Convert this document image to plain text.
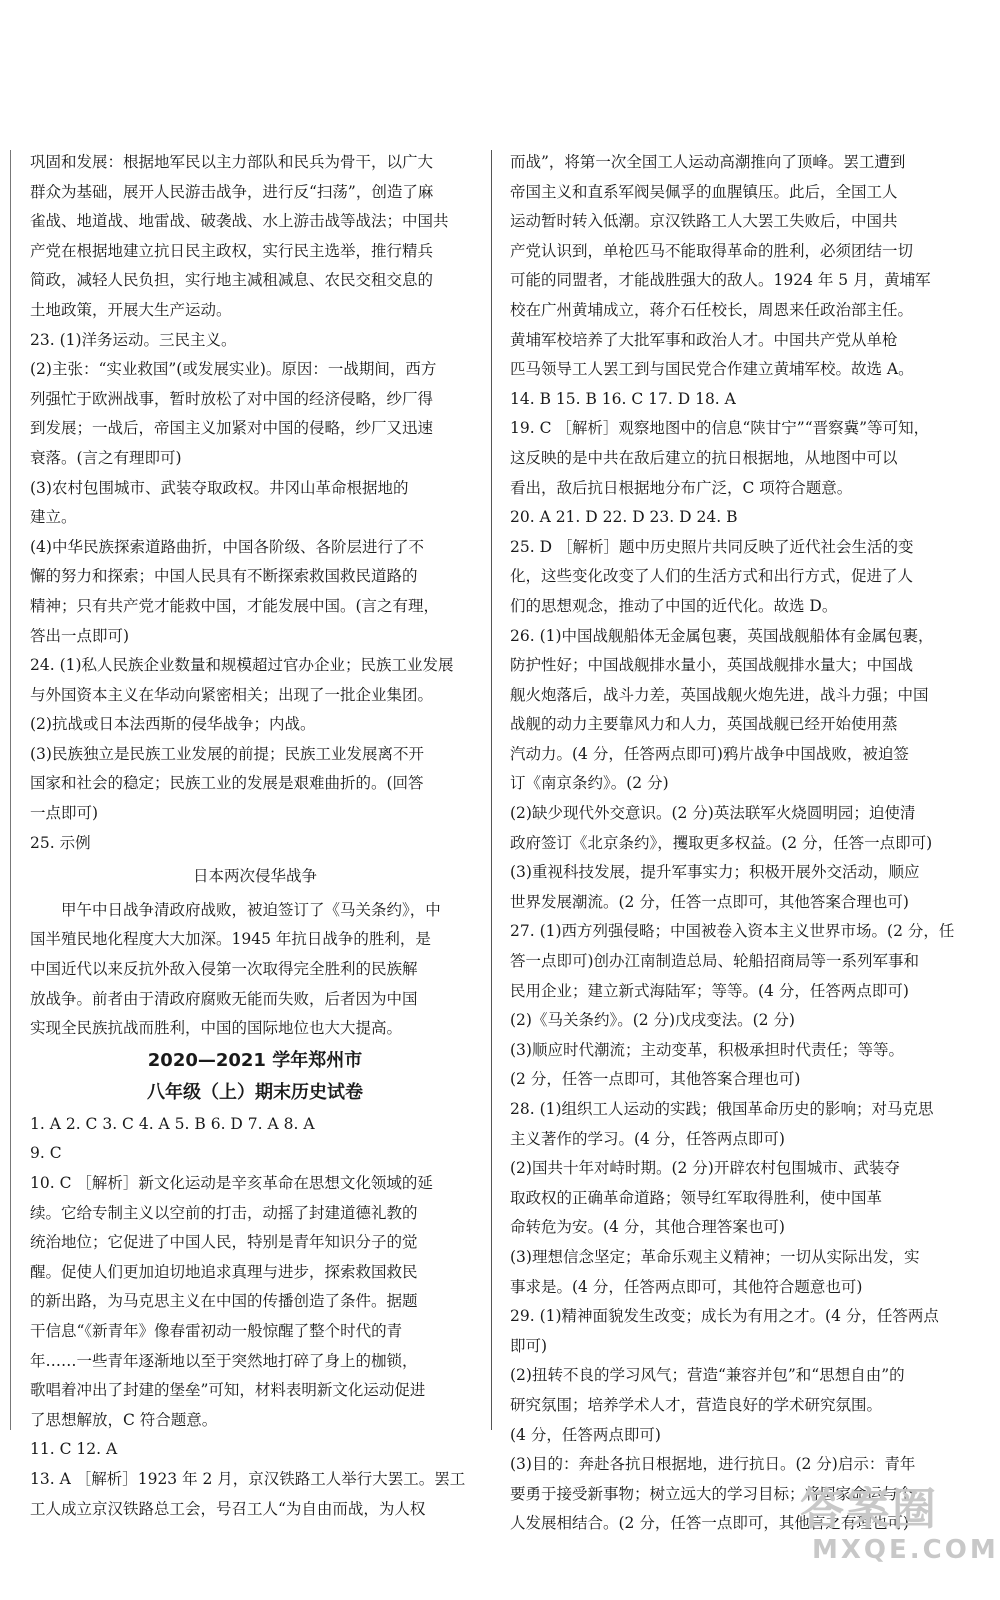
巩固和发展：根据地军民以主力部队和民兵为骨干，以广大

群众为基础，展开人民游击战争，进行反“扫荡”，创造了麻

雀战、地道战、地雷战、破袭战、水上游击战等战法；中国共

产党在根据地建立抗日民主政权，实行民主选举，推行精兵

简政，减轻人民负担，实行地主减租减息、农民交租交息的

土地政策，开展大生产运动。

23. (1)洋务运动。三民主义。

(2)主张：“实业救国”(或发展实业)。原因：一战期间，西方

列强忙于欧洲战事，暂时放松了对中国的经济侵略，纱厂得

到发展；一战后，帝国主义加紧对中国的侵略，纱厂又迅速

衰落。(言之有理即可)

(3)农村包围城市、武装夺取政权。井冈山革命根据地的

建立。

(4)中华民族探索道路曲折，中国各阶级、各阶层进行了不

懈的努力和探索；中国人民具有不断探索救国救民道路的

精神；只有共产党才能救中国，才能发展中国。(言之有理，

答出一点即可)

24. (1)私人民族企业数量和规模超过官办企业；民族工业发展

与外国资本主义在华动向紧密相关；出现了一批企业集团。

(2)抗战或日本法西斯的侵华战争；内战。

(3)民族独立是民族工业发展的前提；民族工业发展离不开

国家和社会的稳定；民族工业的发展是艰难曲折的。(回答

一点即可)

25. 示例

日本两次侵华战争

甲午中日战争清政府战败，被迫签订了《马关条约》，中

国半殖民地化程度大大加深。1945 年抗日战争的胜利，是

中国近代以来反抗外敌入侵第一次取得完全胜利的民族解

放战争。前者由于清政府腐败无能而失败，后者因为中国

实现全民族抗战而胜利，中国的国际地位也大大提高。

2020—2021 学年郑州市

八年级（上）期末历史试卷

1. A 2. C 3. C 4. A 5. B 6. D 7. A 8. A

9. C

10. C ［解析］新文化运动是辛亥革命在思想文化领域的延

续。它给专制主义以空前的打击，动摇了封建道德礼教的

统治地位；它促进了中国人民，特别是青年知识分子的觉

醒。促使人们更加迫切地追求真理与进步，探索救国救民

的新出路，为马克思主义在中国的传播创造了条件。据题

干信息“《新青年》像春雷初动一般惊醒了整个时代的青

年……一些青年逐渐地以至于突然地打碎了身上的枷锁，

歌唱着冲出了封建的堡垒”可知，材料表明新文化运动促进

了思想解放，C 符合题意。

11. C 12. A

13. A ［解析］1923 年 2 月，京汉铁路工人举行大罢工。罢工

工人成立京汉铁路总工会，号召工人“为自由而战，为人权

而战”，将第一次全国工人运动高潮推向了顶峰。罢工遭到

帝国主义和直系军阀吴佩孚的血腥镇压。此后，全国工人

运动暂时转入低潮。京汉铁路工人大罢工失败后，中国共

产党认识到，单枪匹马不能取得革命的胜利，必须团结一切

可能的同盟者，才能战胜强大的敌人。1924 年 5 月，黄埔军

校在广州黄埔成立，蒋介石任校长，周恩来任政治部主任。

黄埔军校培养了大批军事和政治人才。中国共产党从单枪

匹马领导工人罢工到与国民党合作建立黄埔军校。故选 A。

14. B 15. B 16. C 17. D 18. A

19. C ［解析］观察地图中的信息“陕甘宁”“晋察冀”等可知，

这反映的是中共在敌后建立的抗日根据地，从地图中可以

看出，敌后抗日根据地分布广泛，C 项符合题意。

20. A 21. D 22. D 23. D 24. B

25. D ［解析］题中历史照片共同反映了近代社会生活的变

化，这些变化改变了人们的生活方式和出行方式，促进了人

们的思想观念，推动了中国的近代化。故选 D。

26. (1)中国战舰船体无金属包裹，英国战舰船体有金属包裹，

防护性好；中国战舰排水量小，英国战舰排水量大；中国战

舰火炮落后，战斗力差，英国战舰火炮先进，战斗力强；中国

战舰的动力主要靠风力和人力，英国战舰已经开始使用蒸

汽动力。(4 分，任答两点即可)鸦片战争中国战败，被迫签

订《南京条约》。(2 分)

(2)缺少现代外交意识。(2 分)英法联军火烧圆明园；迫使清

政府签订《北京条约》，攫取更多权益。(2 分，任答一点即可)

(3)重视科技发展，提升军事实力；积极开展外交活动，顺应

世界发展潮流。(2 分，任答一点即可，其他答案合理也可)

27. (1)西方列强侵略；中国被卷入资本主义世界市场。(2 分，任

答一点即可)创办江南制造总局、轮船招商局等一系列军事和

民用企业；建立新式海陆军；等等。(4 分，任答两点即可)

(2)《马关条约》。(2 分)戊戌变法。(2 分)

(3)顺应时代潮流；主动变革，积极承担时代责任；等等。

(2 分，任答一点即可，其他答案合理也可)

28. (1)组织工人运动的实践；俄国革命历史的影响；对马克思

主义著作的学习。(4 分，任答两点即可)

(2)国共十年对峙时期。(2 分)开辟农村包围城市、武装夺

取政权的正确革命道路；领导红军取得胜利，使中国革

命转危为安。(4 分，其他合理答案也可)

(3)理想信念坚定；革命乐观主义精神；一切从实际出发，实

事求是。(4 分，任答两点即可，其他符合题意也可)

29. (1)精神面貌发生改变；成长为有用之才。(4 分，任答两点

即可)

(2)扭转不良的学习风气；营造“兼容并包”和“思想自由”的

研究氛围；培养学术人才，营造良好的学术研究氛围。

(4 分，任答两点即可)

(3)目的：奔赴各抗日根据地，进行抗日。(2 分)启示：青年

要勇于接受新事物；树立远大的学习目标；将国家命运与个

人发展相结合。(2 分，任答一点即可，其他言之有理也可)

答案圈
MXQE.COM
